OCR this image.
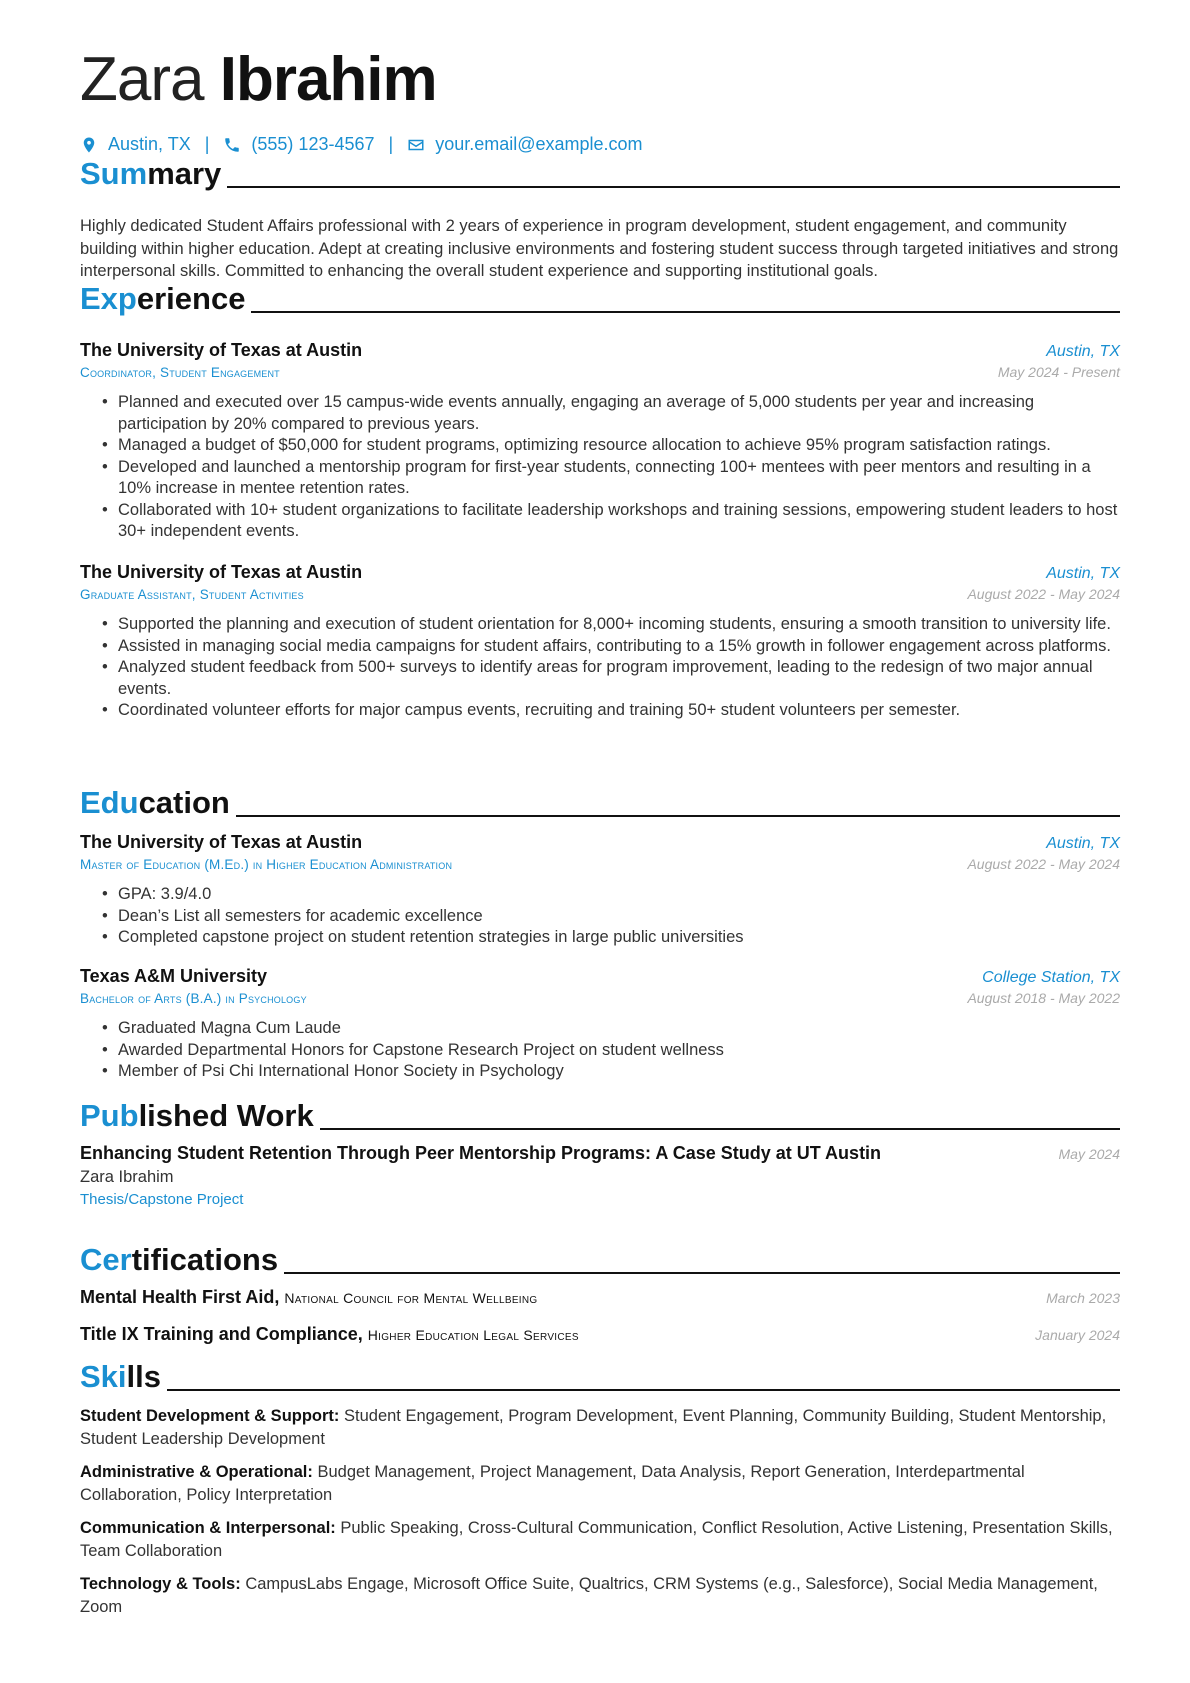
Zara Ibrahim
Austin, TX | (555) 123-4567 | your.email@example.com
Summary

Highly dedicated Student Affairs professional with 2 years of experience in program development, student engagement, and community building within higher education. Adept at creating inclusive environments and fostering student success through targeted initiatives and strong interpersonal skills. Committed to enhancing the overall student experience and supporting institutional goals.

Experience
The University of Texas at Austin	Austin, TX
Coordinator, Student Engagement	May 2024 - Present
• Planned and executed over 15 campus-wide events annually, engaging an average of 5,000 students per year and increasing participation by 20% compared to previous years.
• Managed a budget of $50,000 for student programs, optimizing resource allocation to achieve 95% program satisfaction ratings.
• Developed and launched a mentorship program for first-year students, connecting 100+ mentees with peer mentors and resulting in a 10% increase in mentee retention rates.
• Collaborated with 10+ student organizations to facilitate leadership workshops and training sessions, empowering student leaders to host 30+ independent events.
The University of Texas at Austin	Austin, TX
Graduate Assistant, Student Activities	August 2022 - May 2024
• Supported the planning and execution of student orientation for 8,000+ incoming students, ensuring a smooth transition to university life.
• Assisted in managing social media campaigns for student affairs, contributing to a 15% growth in follower engagement across platforms.
• Analyzed student feedback from 500+ surveys to identify areas for program improvement, leading to the redesign of two major annual events.
• Coordinated volunteer efforts for major campus events, recruiting and training 50+ student volunteers per semester.
Education
The University of Texas at Austin	Austin, TX
Master of Education (M.Ed.) in Higher Education Administration	August 2022 - May 2024
• GPA: 3.9/4.0
• Dean’s List all semesters for academic excellence
• Completed capstone project on student retention strategies in large public universities
Texas A&M University	College Station, TX
Bachelor of Arts (B.A.) in Psychology	August 2018 - May 2022
• Graduated Magna Cum Laude
• Awarded Departmental Honors for Capstone Research Project on student wellness
• Member of Psi Chi International Honor Society in Psychology
Published Work
Enhancing Student Retention Through Peer Mentorship Programs: A Case Study at UT Austin	May 2024
Zara Ibrahim
Thesis/Capstone Project
Certifications
Mental Health First Aid, National Council for Mental Wellbeing	March 2023
Title IX Training and Compliance, Higher Education Legal Services	January 2024
Skills
Student Development & Support: Student Engagement, Program Development, Event Planning, Community Building, Student Mentorship, Student Leadership Development
Administrative & Operational: Budget Management, Project Management, Data Analysis, Report Generation, Interdepartmental Collaboration, Policy Interpretation
Communication & Interpersonal: Public Speaking, Cross-Cultural Communication, Conflict Resolution, Active Listening, Presentation Skills, Team Collaboration
Technology & Tools: CampusLabs Engage, Microsoft Office Suite, Qualtrics, CRM Systems (e.g., Salesforce), Social Media Management, Zoom
